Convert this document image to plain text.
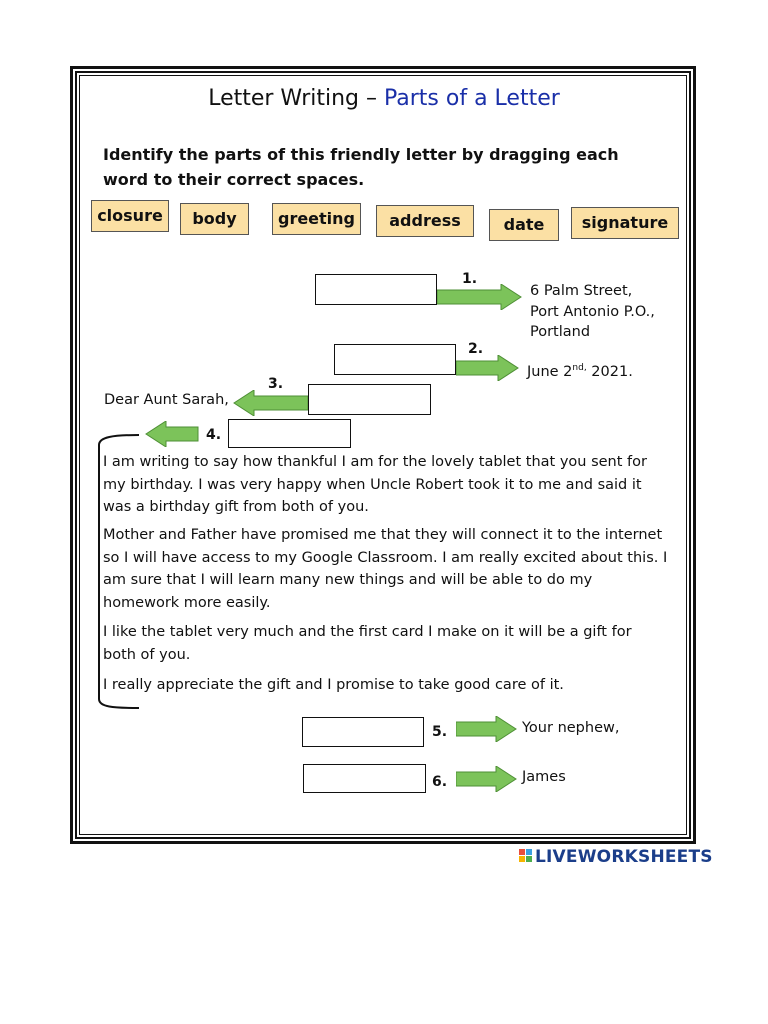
Letter Writing – Parts of a Letter
Identify the parts of this friendly letter by dragging each word to their correct spaces.
closure	body	greeting	address	date	signature
1.
6 Palm Street,
Port Antonio P.O.,
Portland
2.
June $2^{nd,}$ 2021.
3.
Dear Aunt Sarah,
4.
I am writing to say how thankful I am for the lovely tablet that you sent for my birthday. I was very happy when Uncle Robert took it to me and said it was a birthday gift from both of you.
Mother and Father have promised me that they will connect it to the internet so I will have access to my Google Classroom. I am really excited about this. I am sure that I will learn many new things and will be able to do my homework more easily.
I like the tablet very much and the first card I make on it will be a gift for both of you.
I really appreciate the gift and I promise to take good care of it.
5.	Your nephew,
6.	James
LIVEWORKSHEETS
